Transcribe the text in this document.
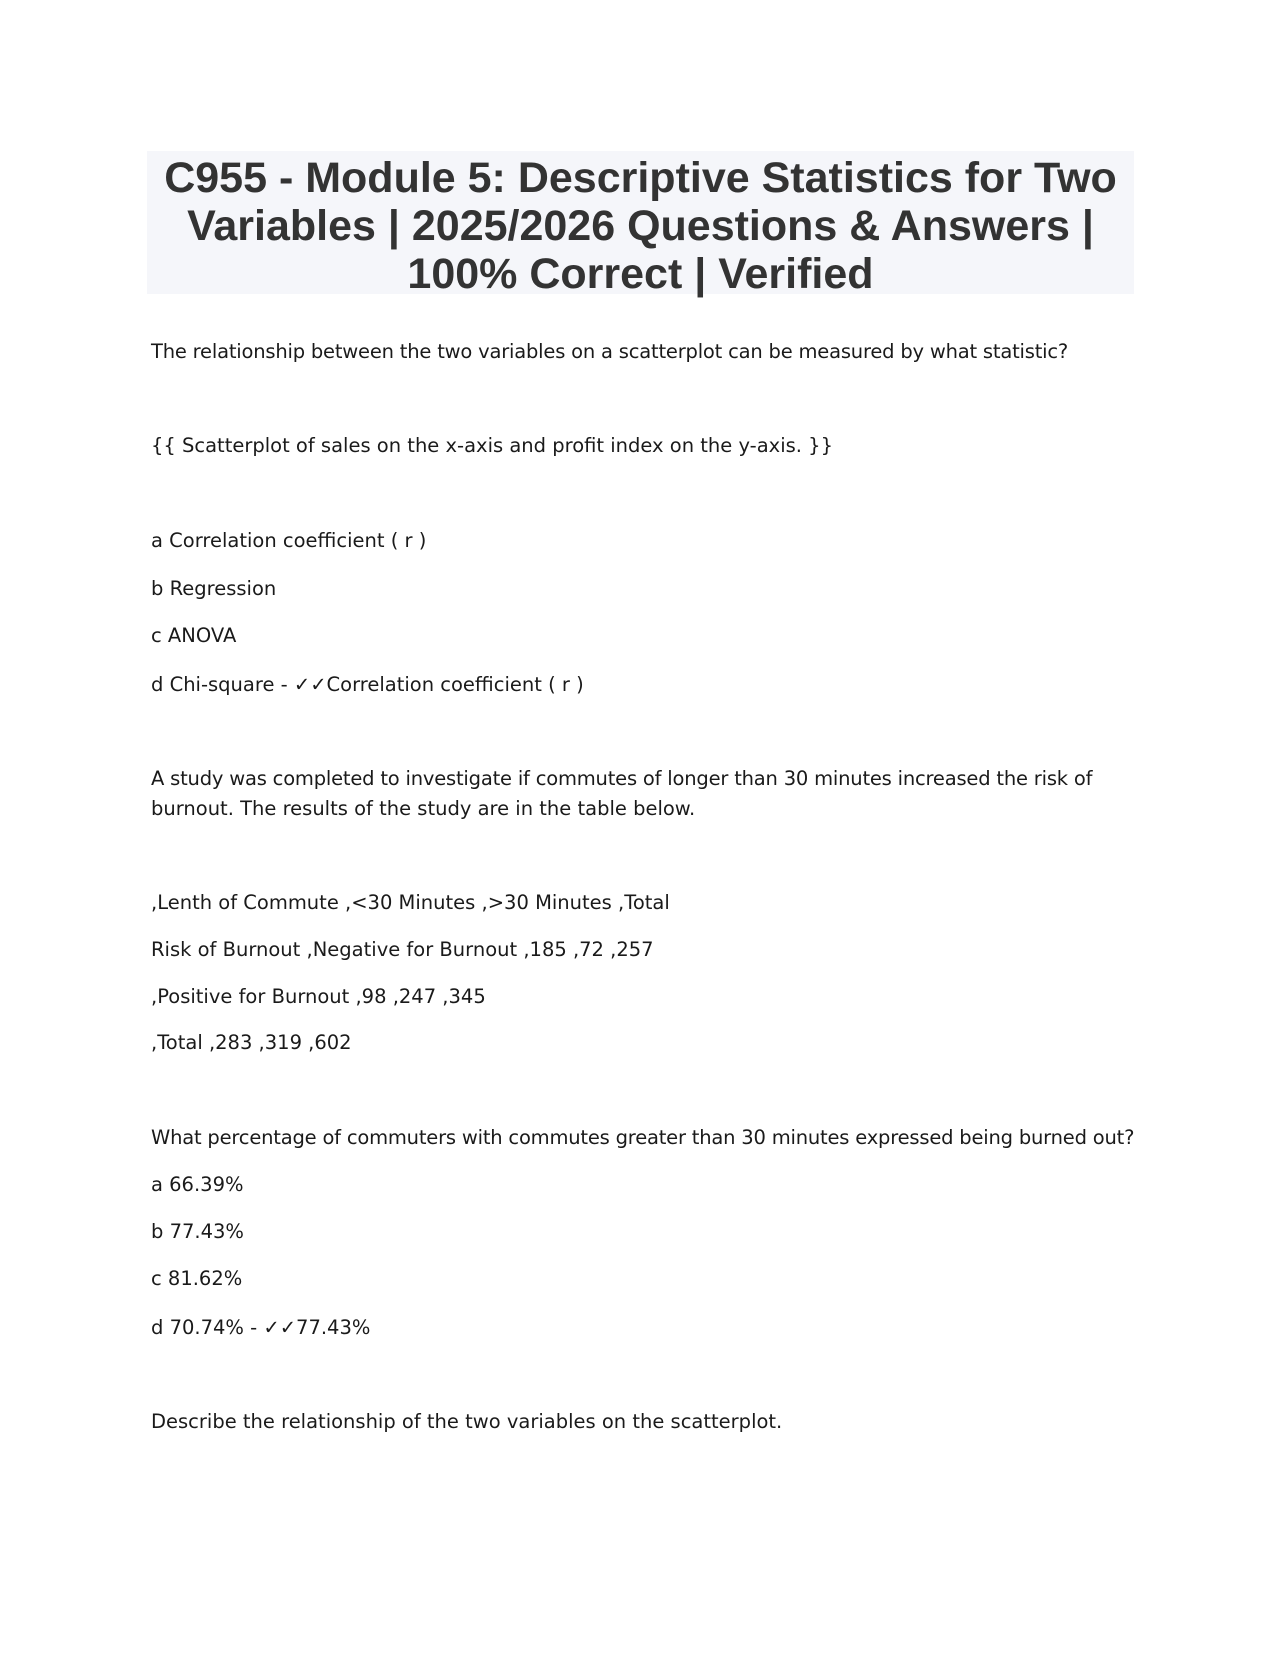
C955 - Module 5: Descriptive Statistics for Two
Variables | 2025/2026 Questions & Answers |
100% Correct | Verified
The relationship between the two variables on a scatterplot can be measured by what statistic?
{{ Scatterplot of sales on the x-axis and profit index on the y-axis. }}
a Correlation coefficient ( r )
b Regression
c ANOVA
d Chi-square - ✓✓Correlation coefficient ( r )
A study was completed to investigate if commutes of longer than 30 minutes increased the risk of
burnout. The results of the study are in the table below.
,Lenth of Commute ,<30 Minutes ,>30 Minutes ,Total
Risk of Burnout ,Negative for Burnout ,185 ,72 ,257
,Positive for Burnout ,98 ,247 ,345
,Total ,283 ,319 ,602
What percentage of commuters with commutes greater than 30 minutes expressed being burned out?
a 66.39%
b 77.43%
c 81.62%
d 70.74% - ✓✓77.43%
Describe the relationship of the two variables on the scatterplot.
